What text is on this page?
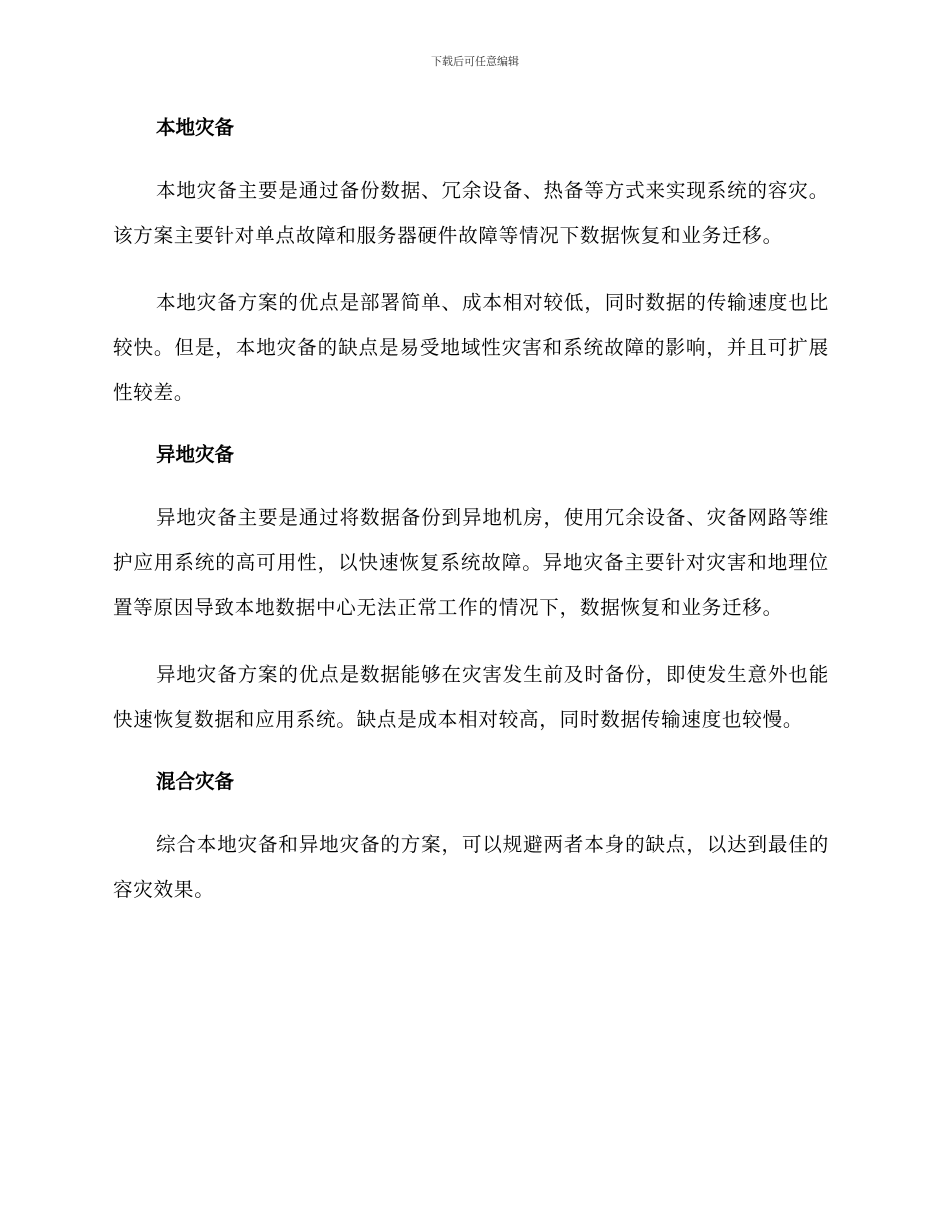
下载后可任意编辑
本地灾备

本地灾备主要是通过备份数据、冗余设备、热备等方式来实现系统的容灾。该方案主要针对单点故障和服务器硬件故障等情况下数据恢复和业务迁移。

本地灾备方案的优点是部署简单、成本相对较低，同时数据的传输速度也比较快。但是，本地灾备的缺点是易受地域性灾害和系统故障的影响，并且可扩展性较差。

异地灾备

异地灾备主要是通过将数据备份到异地机房，使用冗余设备、灾备网路等维护应用系统的高可用性，以快速恢复系统故障。异地灾备主要针对灾害和地理位置等原因导致本地数据中心无法正常工作的情况下，数据恢复和业务迁移。

异地灾备方案的优点是数据能够在灾害发生前及时备份，即使发生意外也能快速恢复数据和应用系统。缺点是成本相对较高，同时数据传输速度也较慢。

混合灾备

综合本地灾备和异地灾备的方案，可以规避两者本身的缺点，以达到最佳的容灾效果。
